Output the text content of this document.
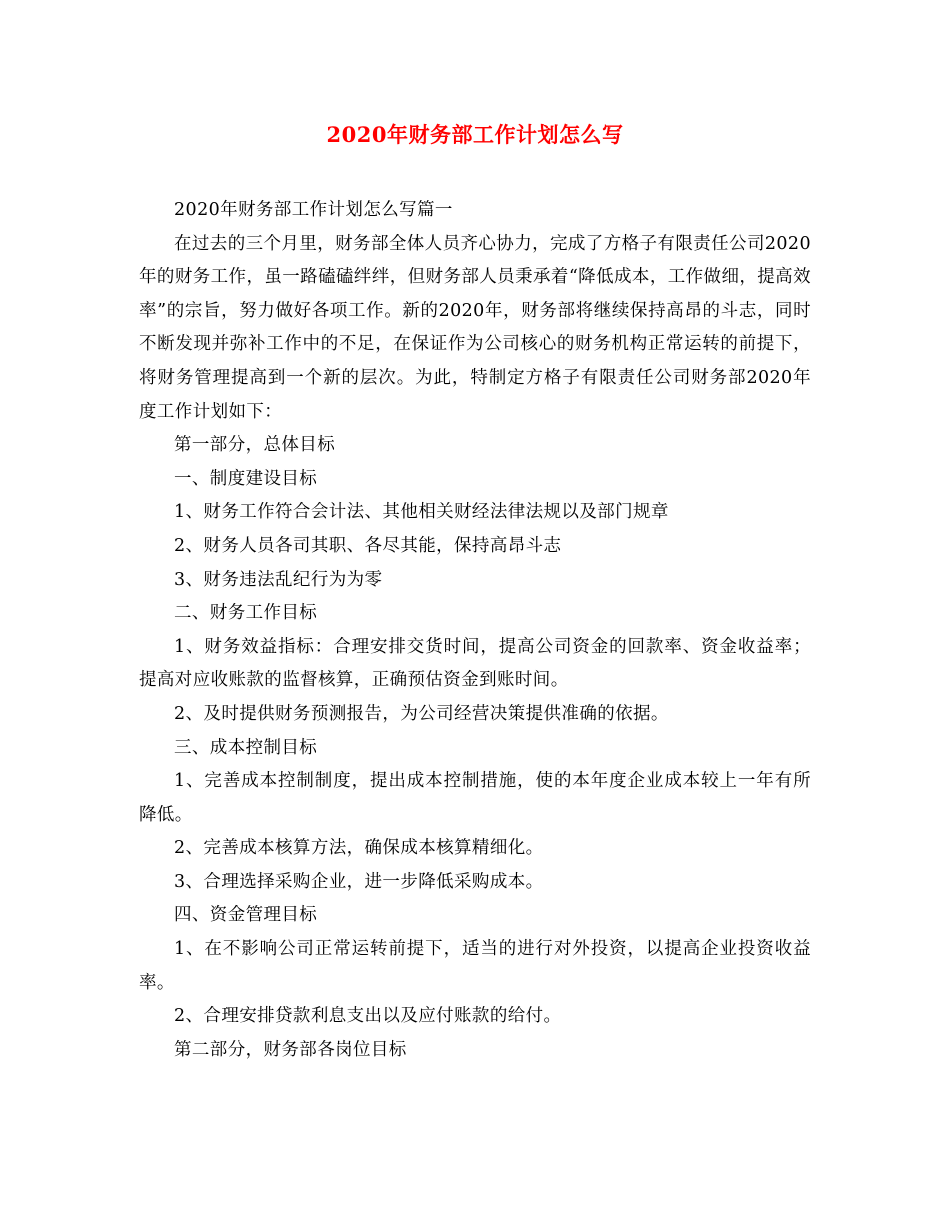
2020年财务部工作计划怎么写

2020年财务部工作计划怎么写篇一

在过去的三个月里，财务部全体人员齐心协力，完成了方格子有限责任公司2020年的财务工作，虽一路磕磕绊绊，但财务部人员秉承着“降低成本，工作做细，提高效率”的宗旨，努力做好各项工作。新的2020年，财务部将继续保持高昂的斗志，同时不断发现并弥补工作中的不足，在保证作为公司核心的财务机构正常运转的前提下，将财务管理提高到一个新的层次。为此，特制定方格子有限责任公司财务部2020年度工作计划如下：

第一部分，总体目标

一、制度建设目标

1、财务工作符合会计法、其他相关财经法律法规以及部门规章

2、财务人员各司其职、各尽其能，保持高昂斗志

3、财务违法乱纪行为为零

二、财务工作目标

1、财务效益指标：合理安排交货时间，提高公司资金的回款率、资金收益率；提高对应收账款的监督核算，正确预估资金到账时间。

2、及时提供财务预测报告，为公司经营决策提供准确的依据。

三、成本控制目标

1、完善成本控制制度，提出成本控制措施，使的本年度企业成本较上一年有所降低。

2、完善成本核算方法，确保成本核算精细化。

3、合理选择采购企业，进一步降低采购成本。

四、资金管理目标

1、在不影响公司正常运转前提下，适当的进行对外投资，以提高企业投资收益率。

2、合理安排贷款利息支出以及应付账款的给付。

第二部分，财务部各岗位目标
